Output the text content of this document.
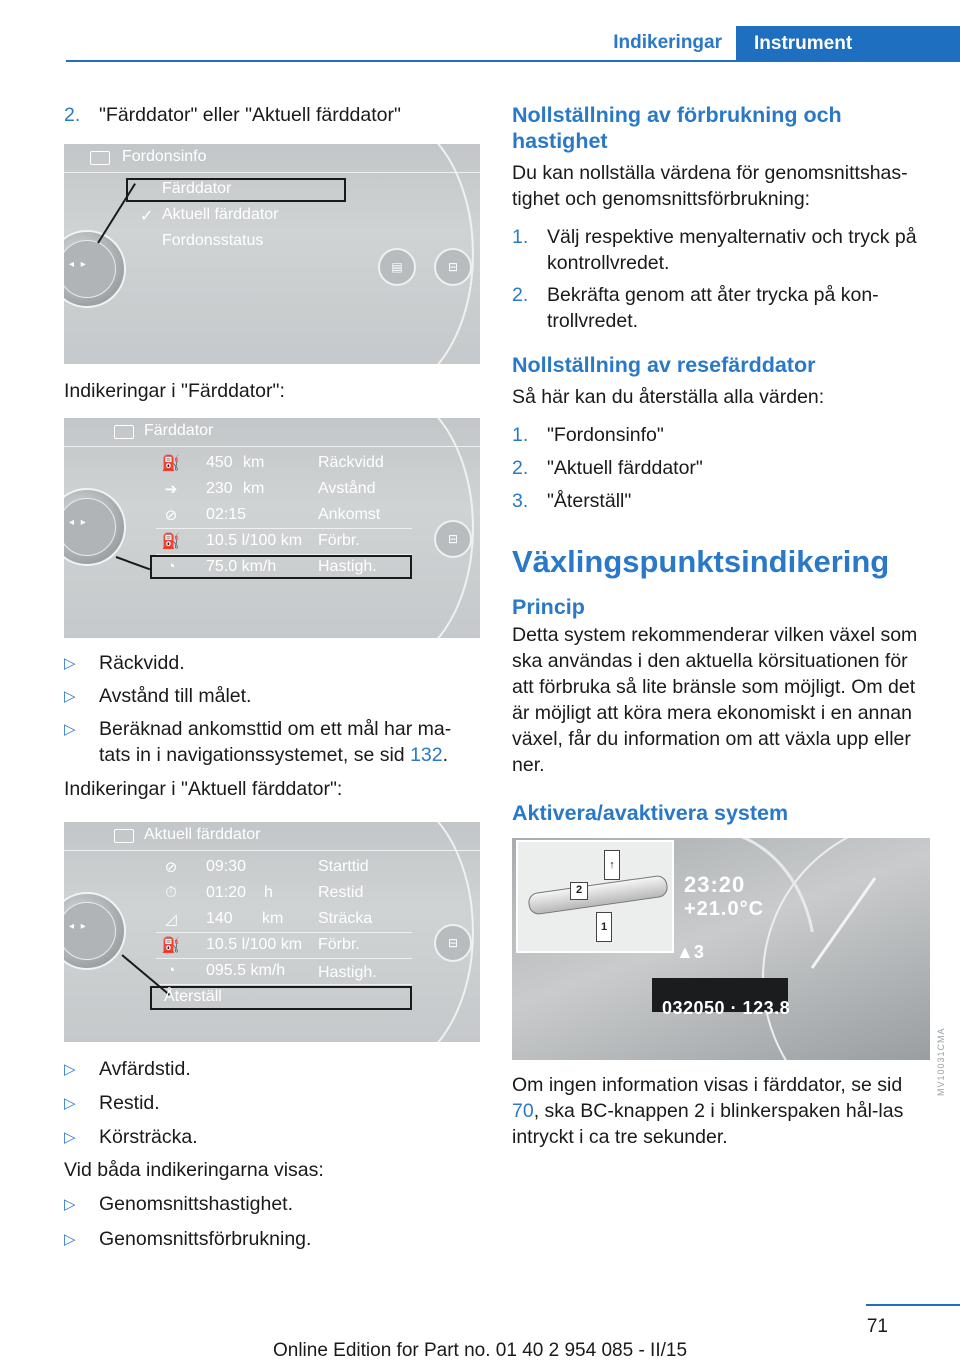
Indikeringar	Instrument
2. "Färddator" eller "Aktuell färddator"
Fordonsinfo
◂ ▸	▤	⊟
Färddator
✓ Aktuell färddator
Fordonsstatus
Indikeringar i "Färddator":
Färddator
◂ ▸
⊟
⛽ 450 km	Räckvidd
➔ 230 km	Avstånd
⊘ 02:15	Ankomst
⛽ 10.5 l/100 km Förbr.
◔	75.0 km/h	Hastigh.
▷	Räckvidd.
▷	Avstånd till målet.
▷	Beräknad ankomsttid om ett mål har ma‐tats in i navigationssystemet, se sid 132.
Indikeringar i "Aktuell färddator":
Aktuell färddator
◂ ▸
⊟
⊘ 09:30	Starttid
⏱	01:20 h	Restid
◿	140 km Sträcka
⛽ 10.5 l/100 km Förbr.
◔	095.5 km/h Hastigh.
Återställ
▷	Avfärdstid.
▷	Restid.
▷	Körsträcka.
Vid båda indikeringarna visas:
▷	Genomsnittshastighet.
▷	Genomsnittsförbrukning.
Nollställning av förbrukning och hastighet
Du kan nollställa värdena för genomsnittshas‐tighet och genomsnittsförbrukning:
1. Välj respektive menyalternativ och tryck på kontrollvredet.
2. Bekräfta genom att åter trycka på kon‐trollvredet.
Nollställning av resefärddator
Så här kan du återställa alla värden:
1. "Fordonsinfo"
2. "Aktuell färddator"
3. "Återställ"
Växlingspunktsindikering
Princip
Detta system rekommenderar vilken växel som ska användas i den aktuella körsituationen för att förbruka så lite bränsle som möjligt. Om det är möjligt att köra mera ekonomiskt i en annan växel, får du information om att växla upp eller ner.
Aktivera/avaktivera system
↑
1
2	23:20
+21.0°C
▲3
032050 · 123.8
Om ingen information visas i färddator, se sid 70, ska BC-knappen 2 i blinkerspaken hål‐las intryckt i ca tre sekunder.
MV10031CMA
71
Online Edition for Part no. 01 40 2 954 085 - II/15
